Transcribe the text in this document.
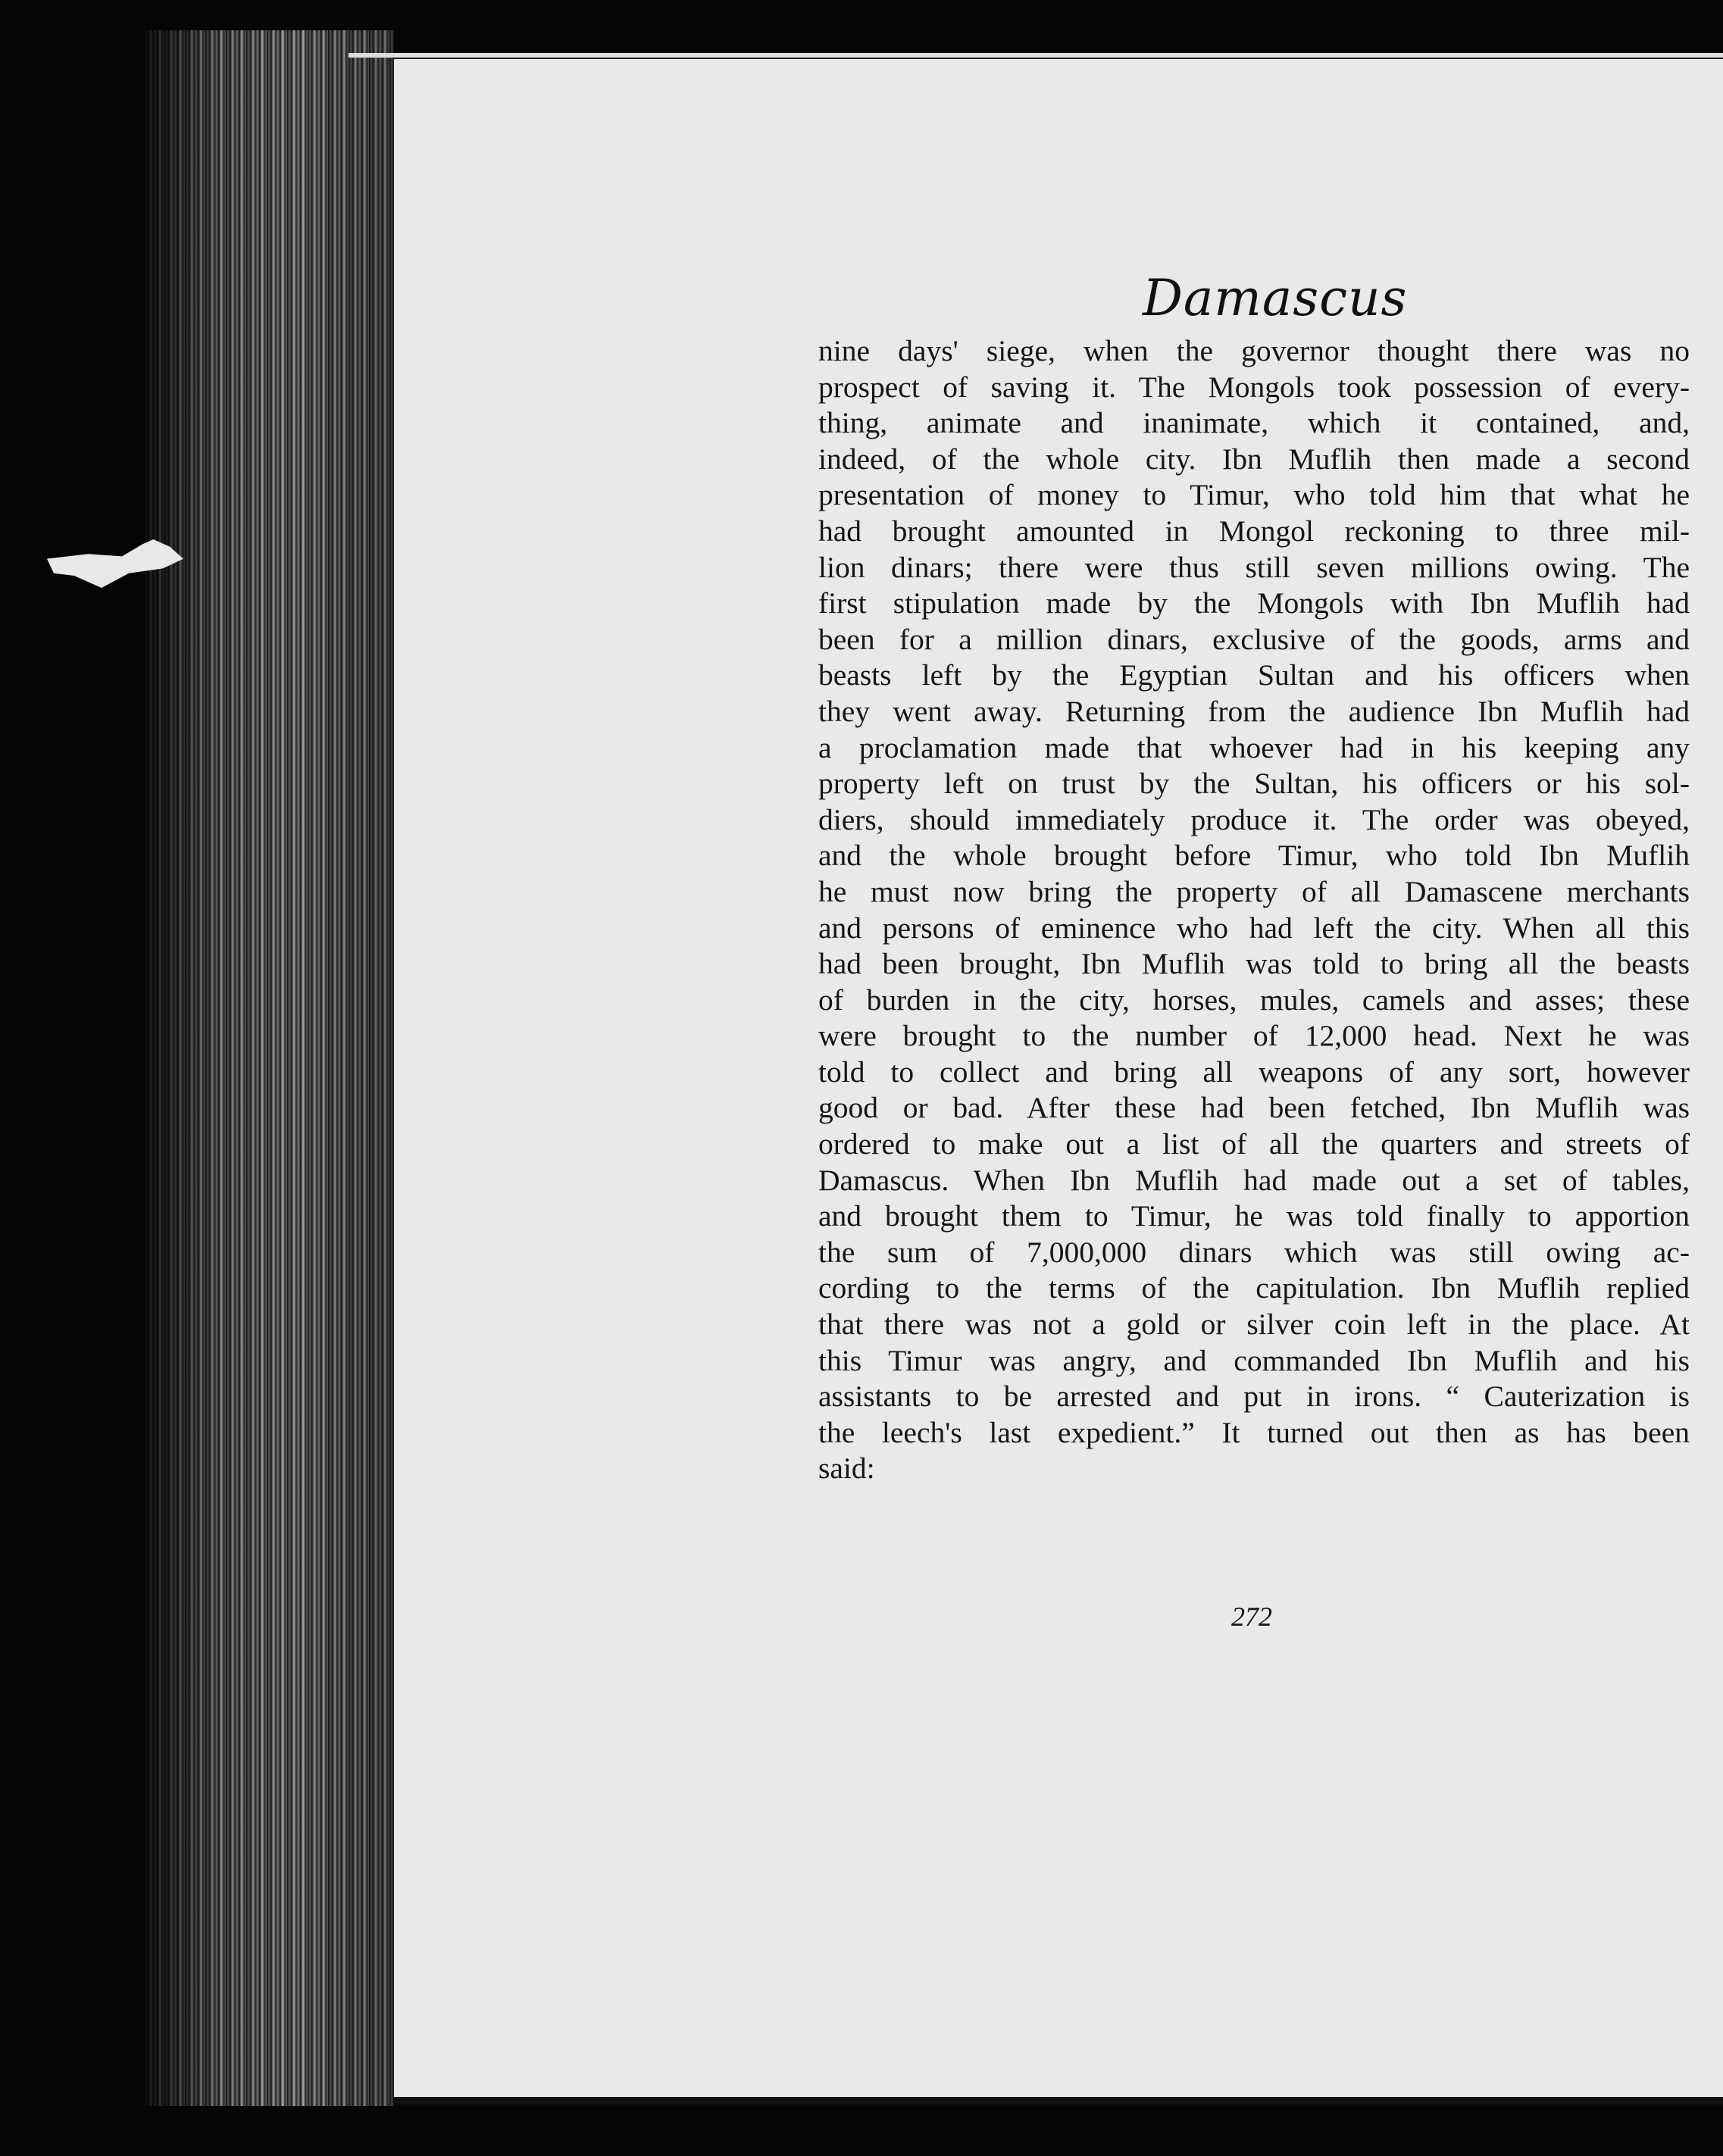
Damascus
nine days' siege, when the governor thought there was no
prospect of saving it. The Mongols took possession of every-
thing, animate and inanimate, which it contained, and,
indeed, of the whole city. Ibn Muflih then made a second
presentation of money to Timur, who told him that what he
had brought amounted in Mongol reckoning to three mil-
lion dinars; there were thus still seven millions owing. The
first stipulation made by the Mongols with Ibn Muflih had
been for a million dinars, exclusive of the goods, arms and
beasts left by the Egyptian Sultan and his officers when
they went away. Returning from the audience Ibn Muflih had
a proclamation made that whoever had in his keeping any
property left on trust by the Sultan, his officers or his sol-
diers, should immediately produce it. The order was obeyed,
and the whole brought before Timur, who told Ibn Muflih
he must now bring the property of all Damascene merchants
and persons of eminence who had left the city. When all this
had been brought, Ibn Muflih was told to bring all the beasts
of burden in the city, horses, mules, camels and asses; these
were brought to the number of 12,000 head. Next he was
told to collect and bring all weapons of any sort, however
good or bad. After these had been fetched, Ibn Muflih was
ordered to make out a list of all the quarters and streets of
Damascus. When Ibn Muflih had made out a set of tables,
and brought them to Timur, he was told finally to apportion
the sum of 7,000,000 dinars which was still owing ac-
cording to the terms of the capitulation. Ibn Muflih replied
that there was not a gold or silver coin left in the place. At
this Timur was angry, and commanded Ibn Muflih and his
assistants to be arrested and put in irons. “ Cauterization is
the leech's last expedient.” It turned out then as has been
said:
272
